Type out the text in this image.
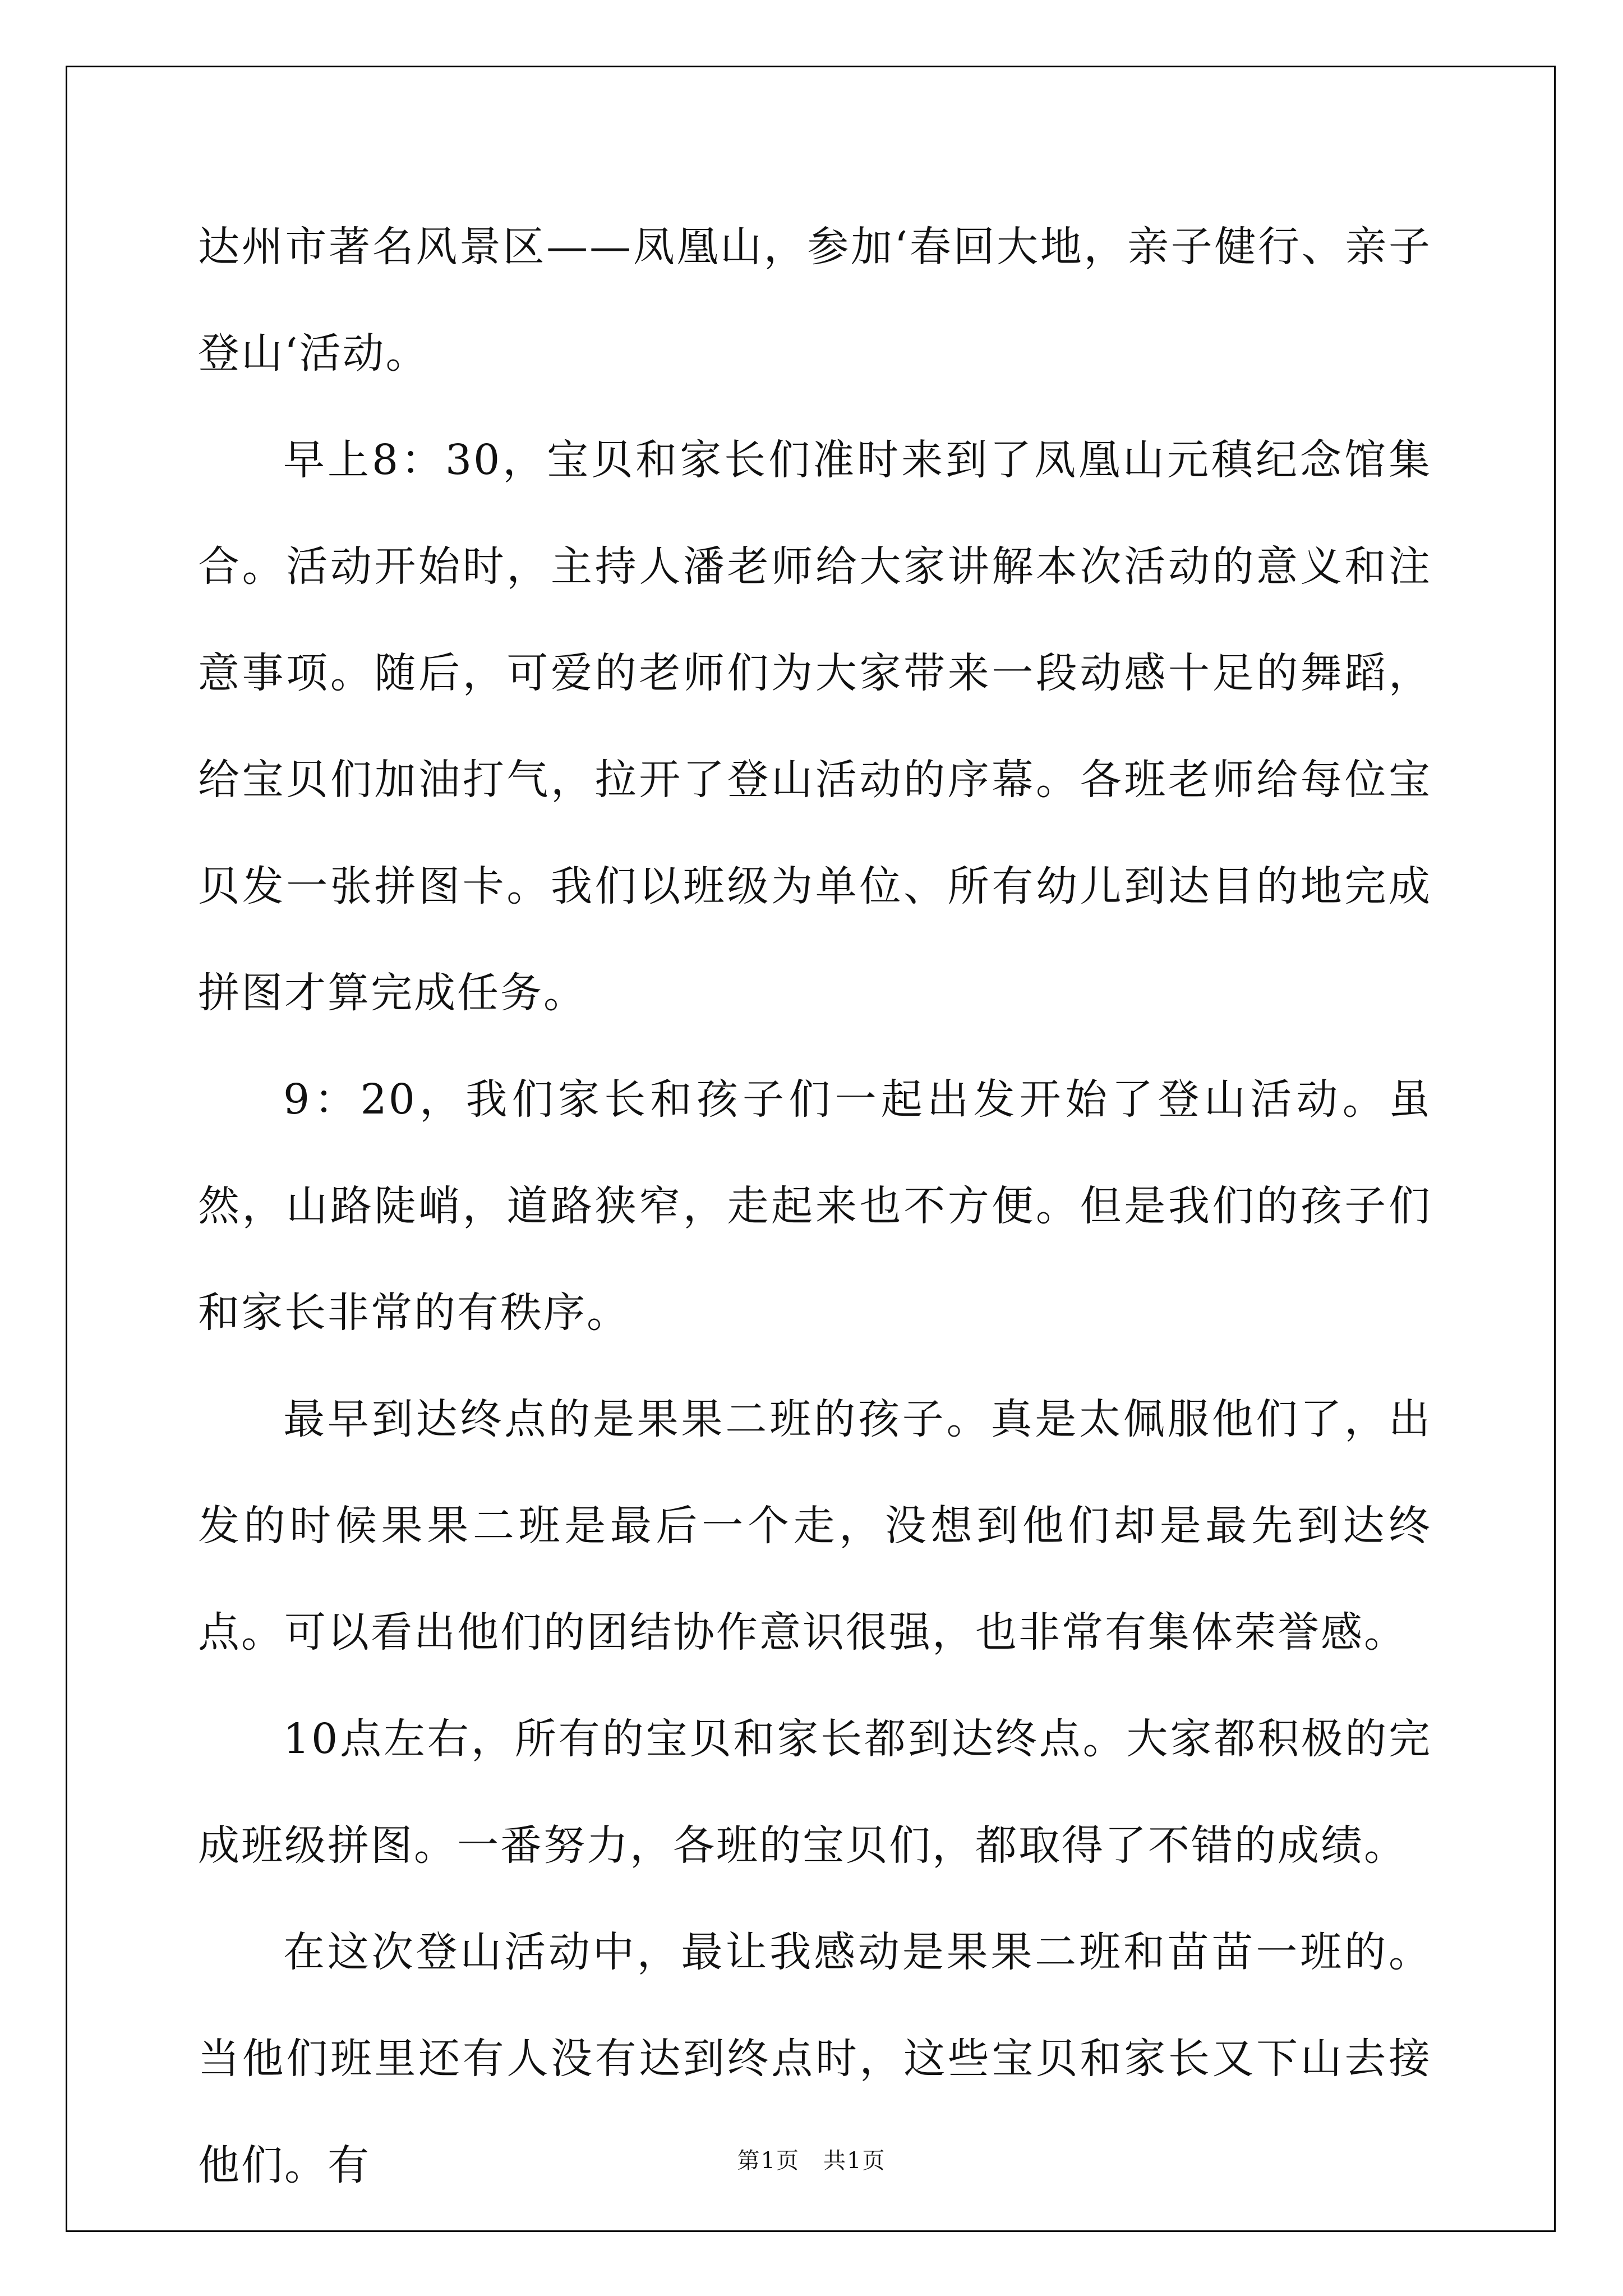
达州市著名风景区——凤凰山，参加‘春回大地，亲子健行、亲子登山‘活动。

早上8：30，宝贝和家长们准时来到了凤凰山元稹纪念馆集合。活动开始时，主持人潘老师给大家讲解本次活动的意义和注意事项。随后，可爱的老师们为大家带来一段动感十足的舞蹈，给宝贝们加油打气，拉开了登山活动的序幕。各班老师给每位宝贝发一张拼图卡。我们以班级为单位、所有幼儿到达目的地完成拼图才算完成任务。

9：20，我们家长和孩子们一起出发开始了登山活动。虽然，山路陡峭，道路狭窄，走起来也不方便。但是我们的孩子们和家长非常的有秩序。

最早到达终点的是果果二班的孩子。真是太佩服他们了，出发的时候果果二班是最后一个走，没想到他们却是最先到达终点。可以看出他们的团结协作意识很强，也非常有集体荣誉感。

10点左右，所有的宝贝和家长都到达终点。大家都积极的完成班级拼图。一番努力，各班的宝贝们，都取得了不错的成绩。

在这次登山活动中，最让我感动是果果二班和苗苗一班的。当他们班里还有人没有达到终点时，这些宝贝和家长又下山去接他们。有	第1页　共1页
